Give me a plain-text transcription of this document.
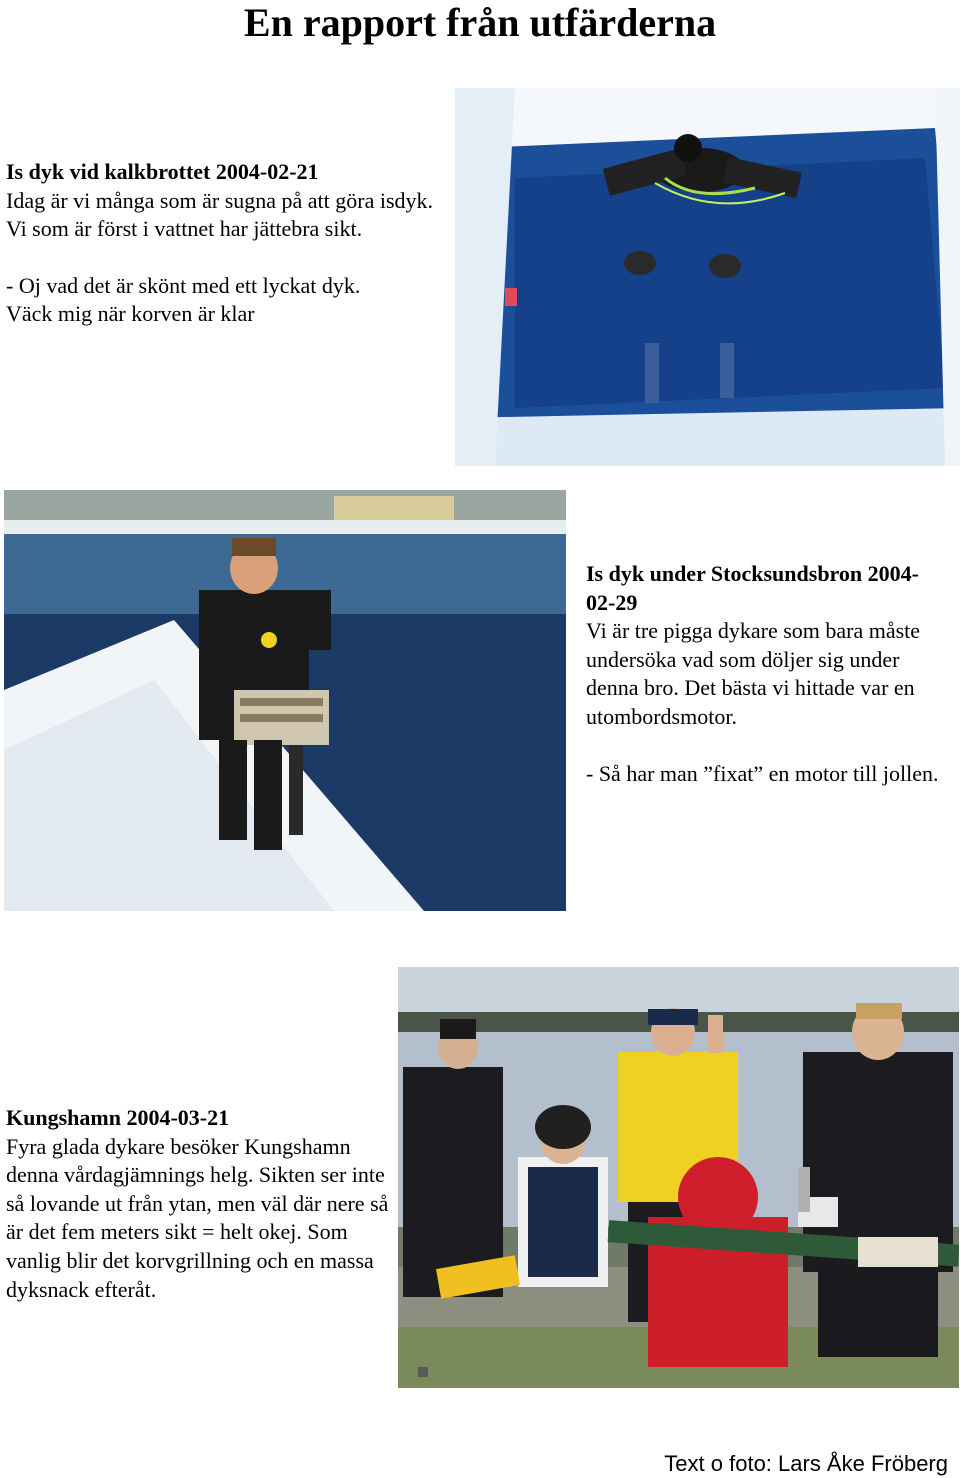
En rapport från utfärderna

Is dyk vid kalkbrottet 2004-02-21

Idag är vi många som är sugna på att göra isdyk.

Vi som är först i vattnet har jättebra sikt.

- Oj vad det är skönt med ett lyckat dyk.

Väck mig när korven är klar

Is dyk under Stocksundsbron 2004-02-29

Vi är tre pigga dykare som bara måste undersöka vad som döljer sig under denna bro. Det bästa vi hittade var en utombordsmotor.

- Så har man ”fixat” en motor till jollen.

Kungshamn 2004-03-21

Fyra glada dykare besöker Kungshamn denna vårdagjämnings helg. Sikten ser inte så lovande ut från ytan, men väl där nere så är det fem meters sikt = helt okej. Som vanlig blir det korvgrillning och en massa dyksnack efteråt.

Text o foto: Lars Åke Fröberg
